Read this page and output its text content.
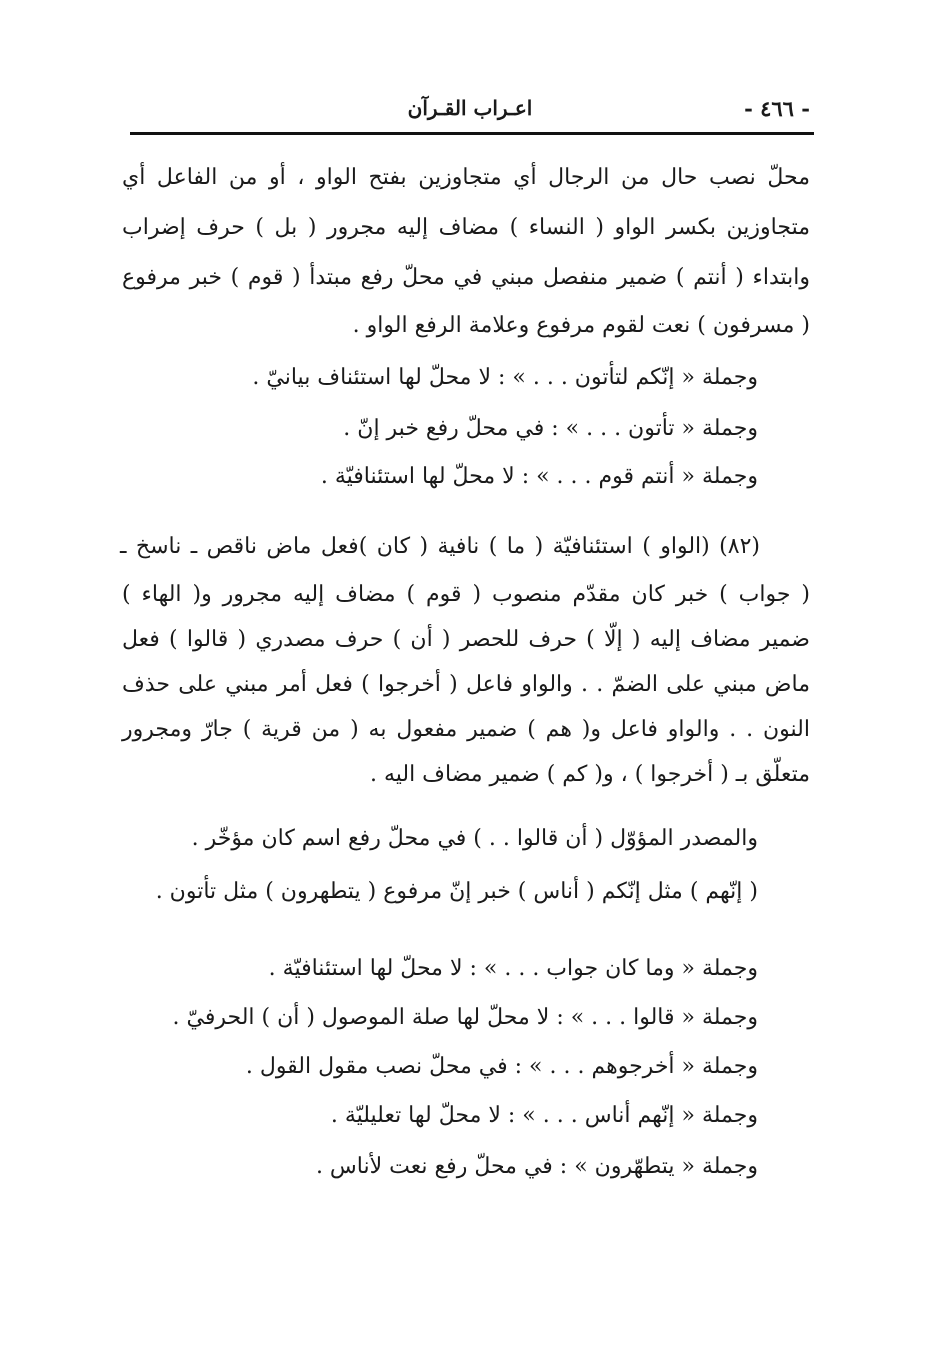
- ٤٦٦ -
اعـراب القـرآن
محلّ نصب حال من الرجال أي متجاوزين بفتح الواو ، أو من الفاعل أي
متجاوزين بكسر الواو ( النساء ) مضاف إليه مجرور ( بل ) حرف إضراب
وابتداء ( أنتم ) ضمير منفصل مبني في محلّ رفع مبتدأ ( قوم ) خبر مرفوع
( مسرفون ) نعت لقوم مرفوع وعلامة الرفع الواو .
وجملة « إنّكم لتأتون . . . » : لا محلّ لها استئناف بيانيّ .
وجملة « تأتون . . . » : في محلّ رفع خبر إنّ .
وجملة « أنتم قوم . . . » : لا محلّ لها استئنافيّة .
(٨٢) (الواو ) استئنافيّة ( ما ) نافية ( كان )فعل ماض ناقص ـ ناسخ ـ
( جواب ) خبر كان مقدّم منصوب ( قوم ) مضاف إليه مجرور و( الهاء )
ضمير مضاف إليه ( إلّا ) حرف للحصر ( أن ) حرف مصدري ( قالوا ) فعل
ماض مبني على الضمّ . . والواو فاعل ( أخرجوا ) فعل أمر مبني على حذف
النون . . والواو فاعل و( هم ) ضمير مفعول به ( من قرية ) جارّ ومجرور
متعلّق بـ ( أخرجوا ) ، و( كم ) ضمير مضاف اليه .
والمصدر المؤوّل ( أن قالوا . . ) في محلّ رفع اسم كان مؤخّر .
( إنّهم ) مثل إنّكم ( أناس ) خبر إنّ مرفوع ( يتطهرون ) مثل تأتون .
وجملة « وما كان جواب . . . » : لا محلّ لها استئنافيّة .
وجملة « قالوا . . . » : لا محلّ لها صلة الموصول ( أن ) الحرفيّ .
وجملة « أخرجوهم . . . » : في محلّ نصب مقول القول .
وجملة « إنّهم أناس . . . » : لا محلّ لها تعليليّة .
وجملة « يتطهّرون » : في محلّ رفع نعت لأناس .
